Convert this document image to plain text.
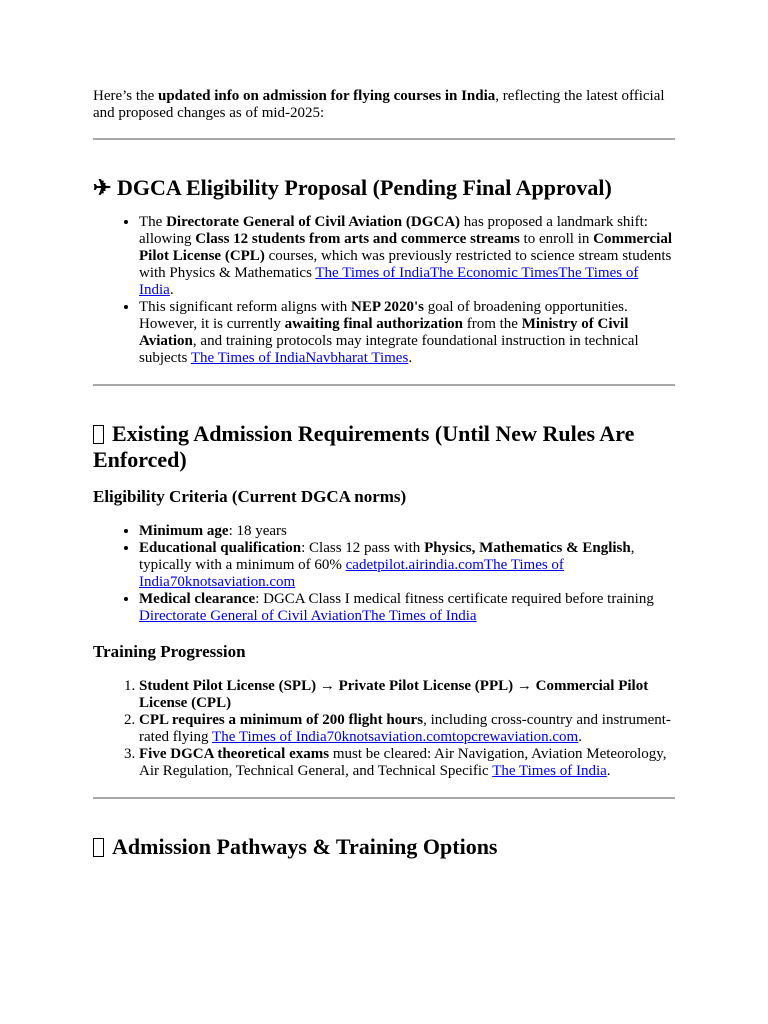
Here’s the updated info on admission for flying courses in India, reflecting the latest official and proposed changes as of mid-2025:

✈ DGCA Eligibility Proposal (Pending Final Approval)
• The Directorate General of Civil Aviation (DGCA) has proposed a landmark shift: allowing Class 12 students from arts and commerce streams to enroll in Commercial Pilot License (CPL) courses, which was previously restricted to science stream students with Physics & Mathematics The Times of IndiaThe Economic TimesThe Times of India.
• This significant reform aligns with NEP 2020's goal of broadening opportunities. However, it is currently awaiting final authorization from the Ministry of Civil Aviation, and training protocols may integrate foundational instruction in technical subjects The Times of IndiaNavbharat Times.
Existing Admission Requirements (Until New Rules Are Enforced)
Eligibility Criteria (Current DGCA norms)
• Minimum age: 18 years
• Educational qualification: Class 12 pass with Physics, Mathematics & English, typically with a minimum of 60% cadetpilot.airindia.comThe Times of India70knotsaviation.com
• Medical clearance: DGCA Class I medical fitness certificate required before training Directorate General of Civil AviationThe Times of India
Training Progression
1. Student Pilot License (SPL) → Private Pilot License (PPL) → Commercial Pilot License (CPL)
2. CPL requires a minimum of 200 flight hours, including cross-country and instrument-rated flying The Times of India70knotsaviation.comtopcrewaviation.com.
3. Five DGCA theoretical exams must be cleared: Air Navigation, Aviation Meteorology, Air Regulation, Technical General, and Technical Specific The Times of India.
Admission Pathways & Training Options
